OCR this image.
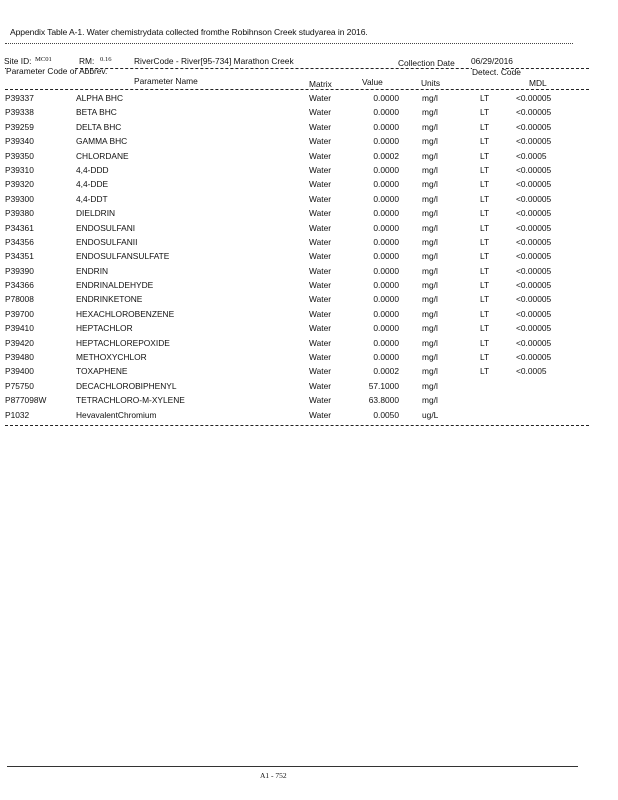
Appendix Table A-1. Water chemistrydata collected fromthe Robihnson Creek studyarea in 2016.
Site ID: MC01	RM: 0.16	RiverCode - River[95-734] Marathon Creek	Collection Date 06/29/2016
Parameter Code or Abbrev.
Parameter Name	Matrix	Value	Units
Detect. Code
MDL
P39337	ALPHA BHC	Water	0.0000	mg/l	LT	<0.00005
P39338	BETA BHC	Water	0.0000	mg/l	LT	<0.00005
P39259	DELTA BHC	Water	0.0000	mg/l	LT	<0.00005
P39340	GAMMA BHC	Water	0.0000	mg/l	LT	<0.00005
P39350	CHLORDANE	Water	0.0002	mg/l	LT	<0.0005
P39310	4,4-DDD	Water	0.0000	mg/l	LT	<0.00005
P39320	4,4-DDE	Water	0.0000	mg/l	LT	<0.00005
P39300	4,4-DDT	Water	0.0000	mg/l	LT	<0.00005
P39380	DIELDRIN	Water	0.0000	mg/l	LT	<0.00005
P34361	ENDOSULFANI	Water	0.0000	mg/l	LT	<0.00005
P34356	ENDOSULFANII	Water	0.0000	mg/l	LT	<0.00005
P34351	ENDOSULFANSULFATE	Water	0.0000	mg/l	LT	<0.00005
P39390	ENDRIN	Water	0.0000	mg/l	LT	<0.00005
P34366	ENDRINALDEHYDE	Water	0.0000	mg/l	LT	<0.00005
P78008	ENDRINKETONE	Water	0.0000	mg/l	LT	<0.00005
P39700	HEXACHLOROBENZENE	Water	0.0000	mg/l	LT	<0.00005
P39410	HEPTACHLOR	Water	0.0000	mg/l	LT	<0.00005
P39420	HEPTACHLOREPOXIDE	Water	0.0000	mg/l	LT	<0.00005
P39480	METHOXYCHLOR	Water	0.0000	mg/l	LT	<0.00005
P39400	TOXAPHENE	Water	0.0002	mg/l	LT	<0.0005
P75750	DECACHLOROBIPHENYL	Water	57.1000	mg/l
P877098W	TETRACHLORO-M-XYLENE	Water	63.8000	mg/l
P1032	HevavalentChromium	Water	0.0050	ug/L
A1 - 752
